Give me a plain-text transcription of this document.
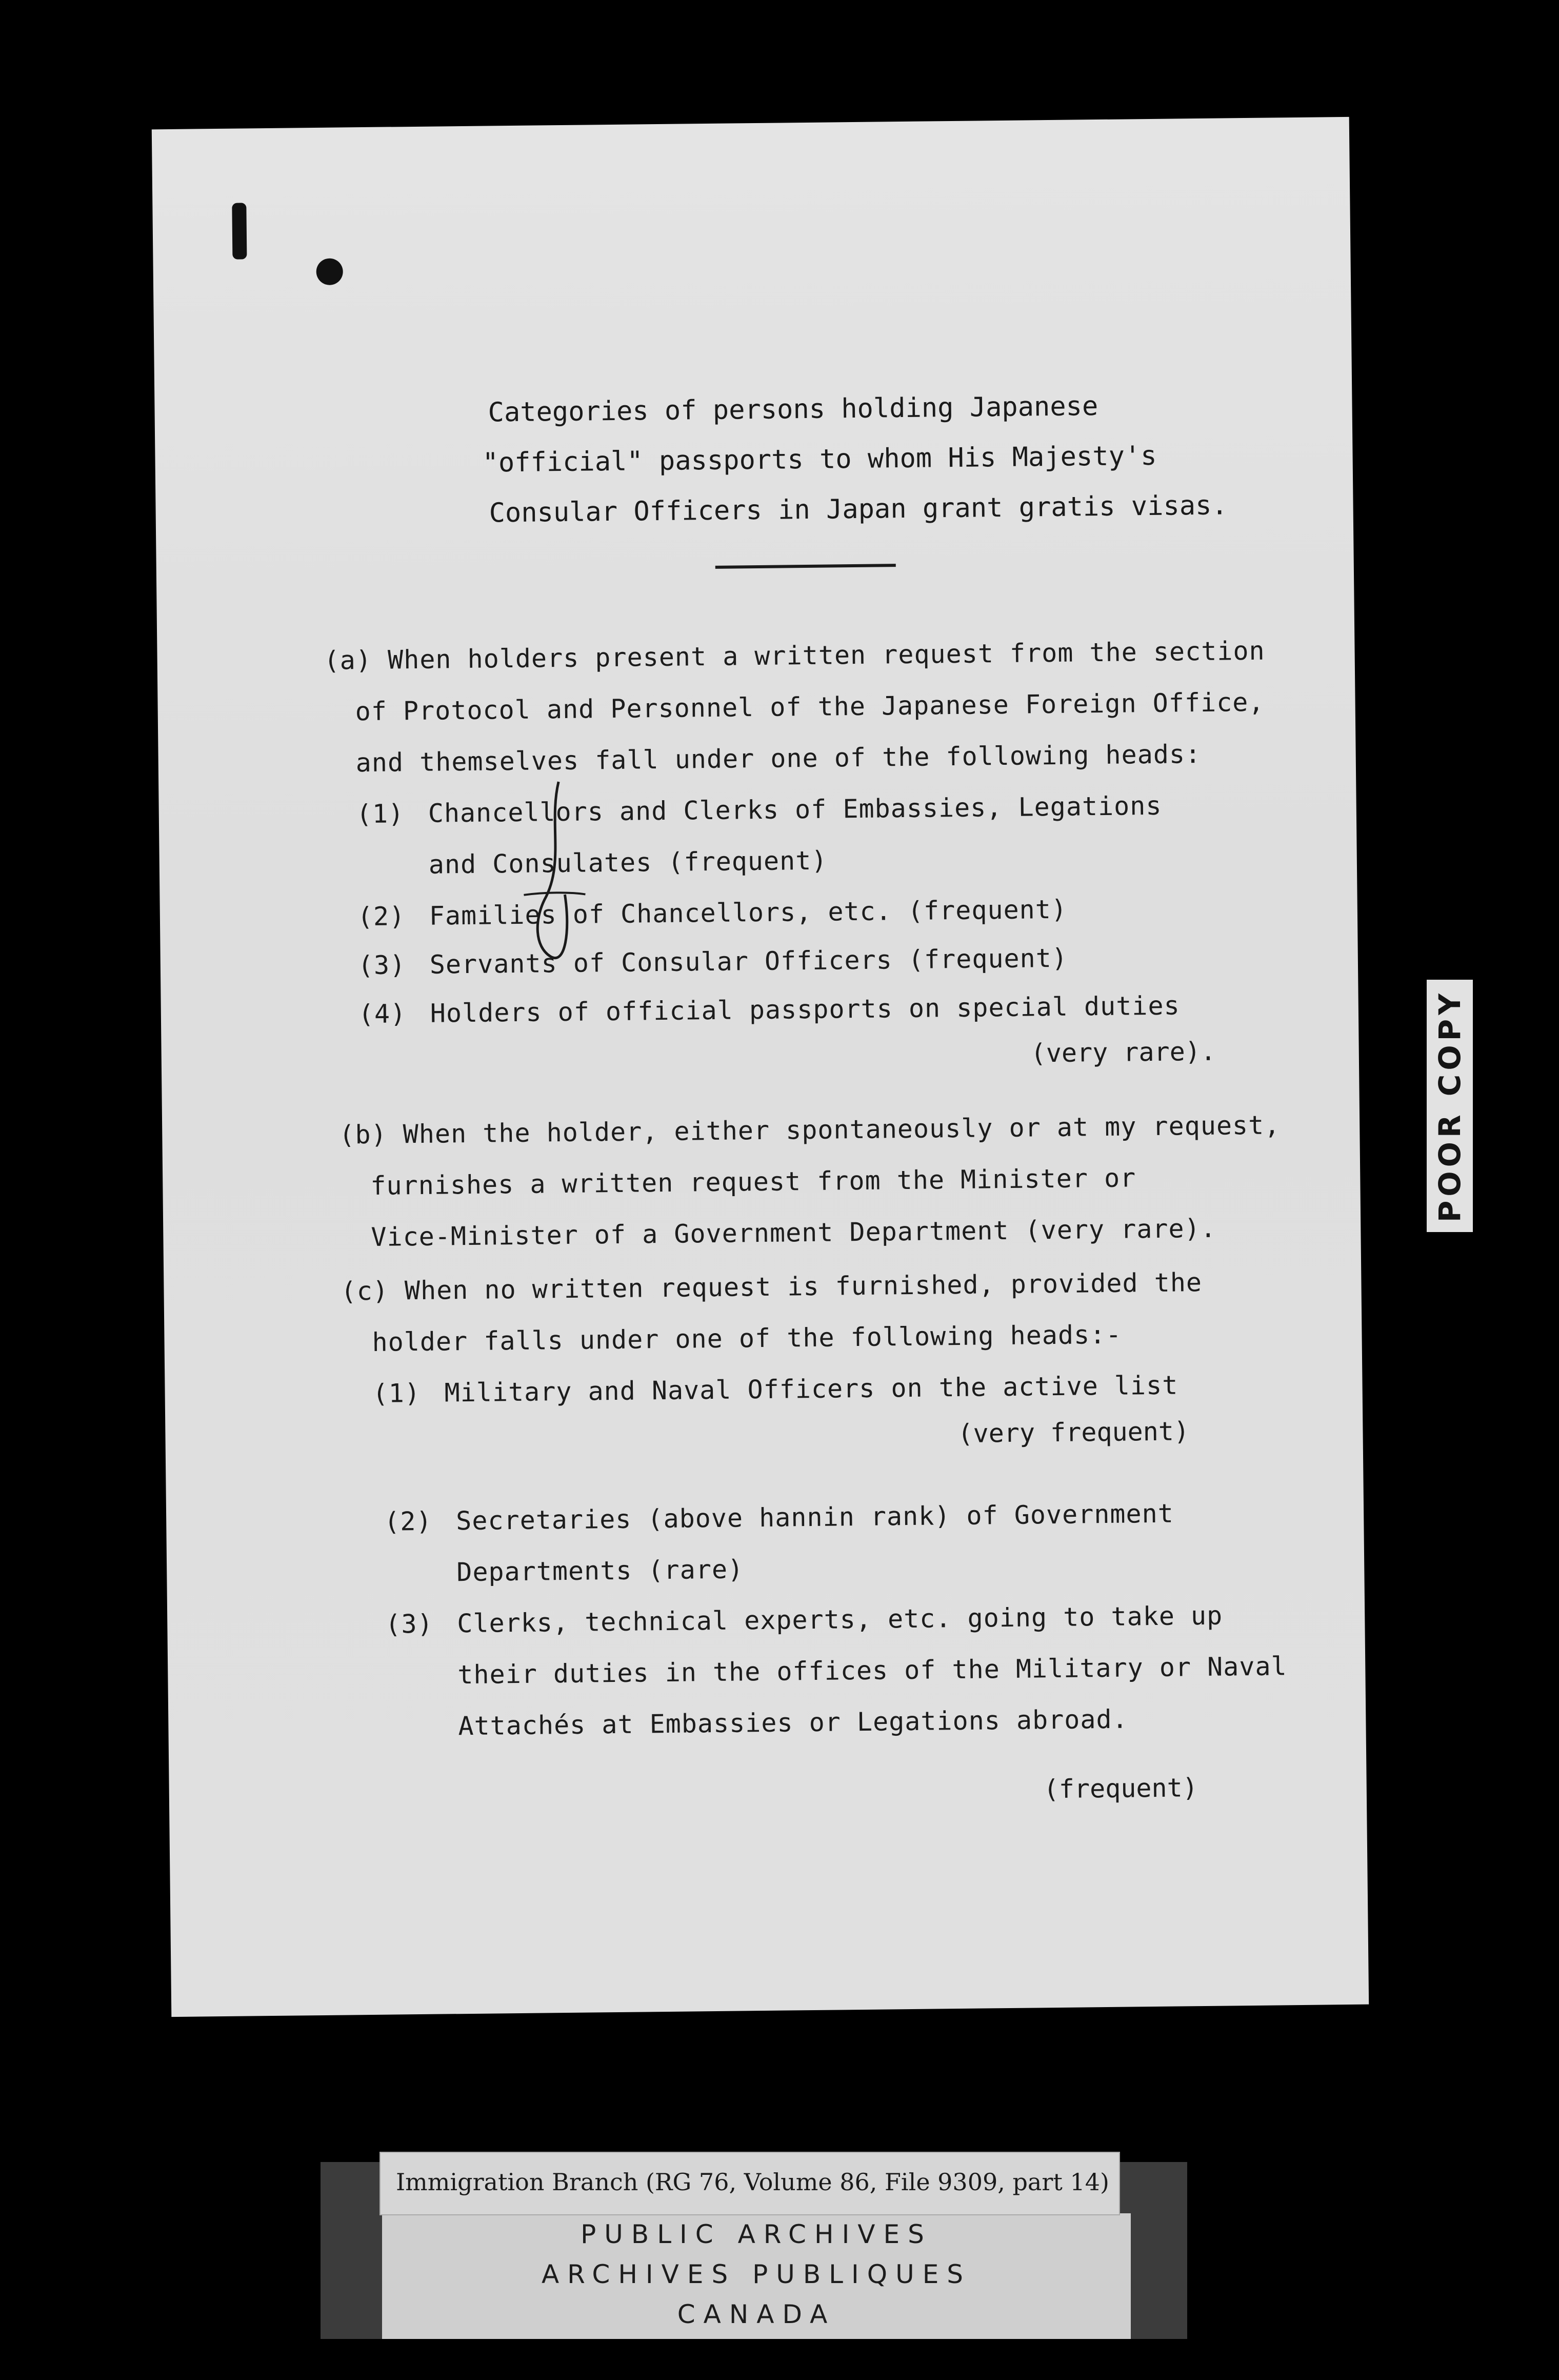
Categories of persons holding Japanese
"official" passports to whom His Majesty's
Consular Officers in Japan grant gratis visas.
(a) When holders present a written request from the section
of Protocol and Personnel of the Japanese Foreign Office,
and themselves fall under one of the following heads:
(1) Chancellors and Clerks of Embassies, Legations
and Consulates (frequent)
(2) Families of Chancellors, etc. (frequent)
(3) Servants of Consular Officers (frequent)
(4) Holders of official passports on special duties
(very rare).
(b) When the holder, either spontaneously or at my request,
furnishes a written request from the Minister or
Vice-Minister of a Government Department (very rare).
(c) When no written request is furnished, provided the
holder falls under one of the following heads:-
(1) Military and Naval Officers on the active list
(very frequent)
(2) Secretaries (above hannin rank) of Government
Departments (rare)
(3) Clerks, technical experts, etc. going to take up
their duties in the offices of the Military or Naval
Attachés at Embassies or Legations abroad.
(frequent)
POOR COPY
PUBLIC ARCHIVES
ARCHIVES PUBLIQUES
CANADA
Immigration Branch (RG 76, Volume 86, File 9309, part 14)
